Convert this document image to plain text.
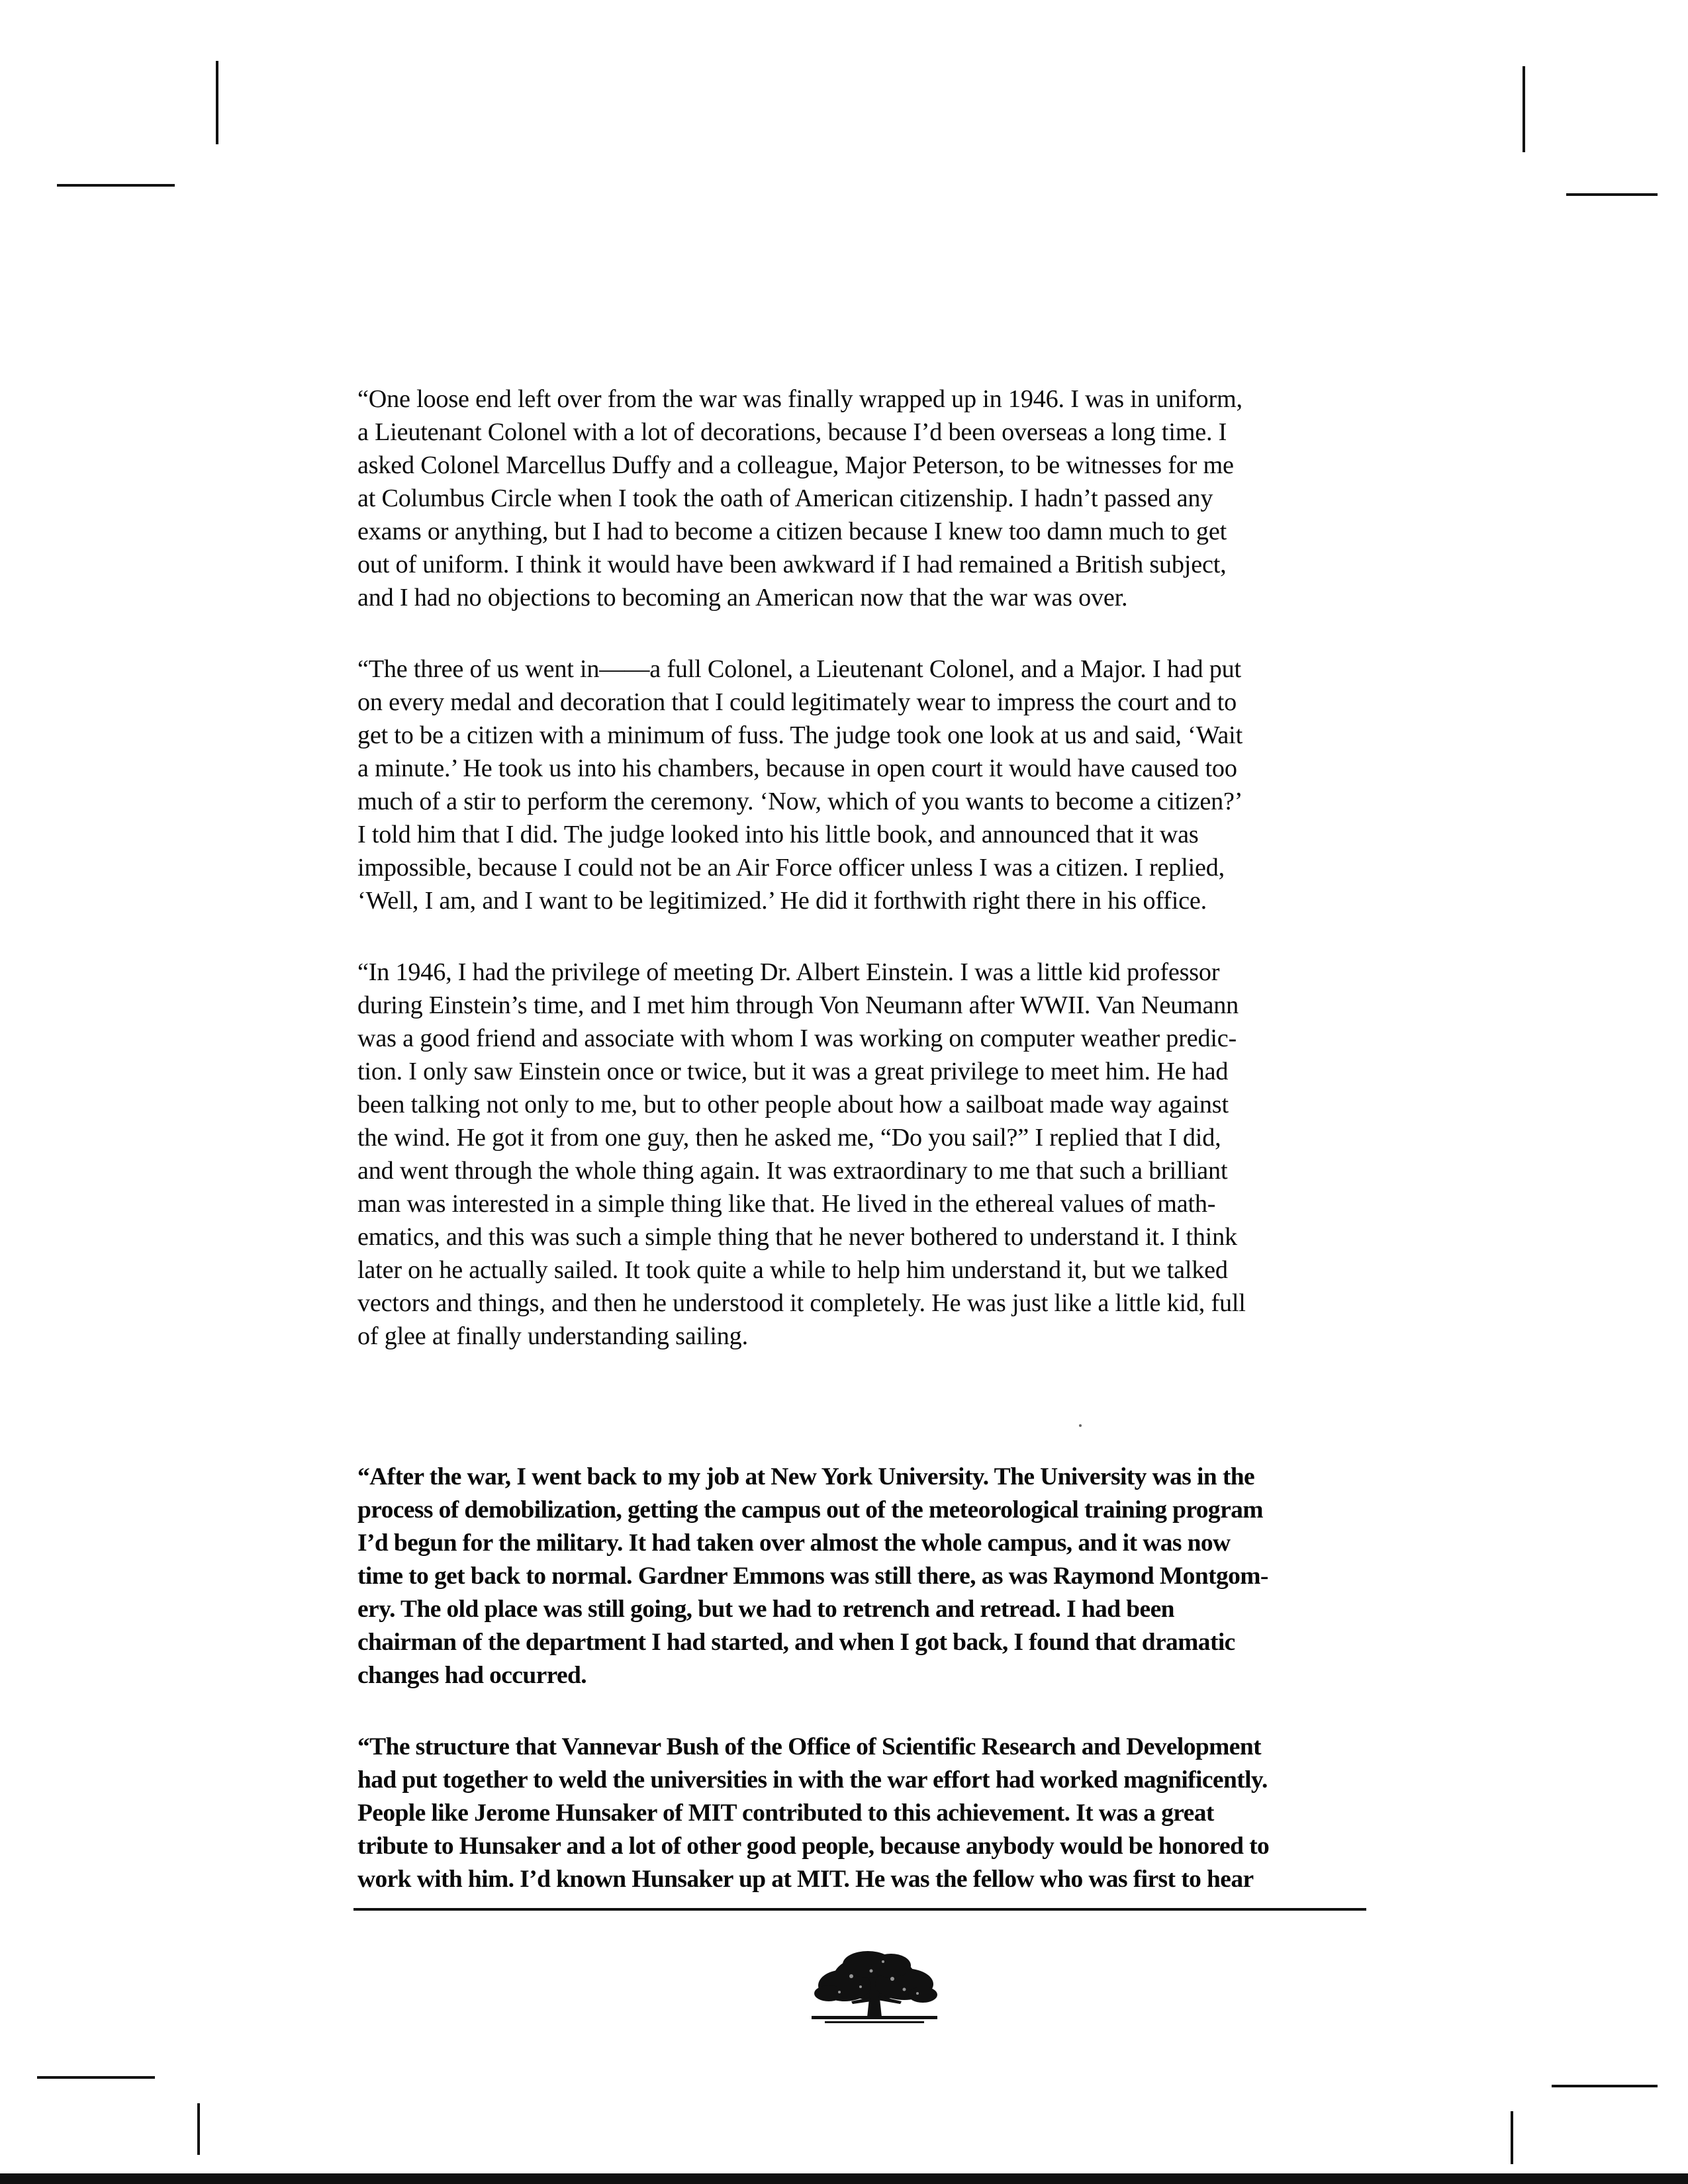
“One loose end left over from the war was finally wrapped up in 1946. I was in uniform,
a Lieutenant Colonel with a lot of decorations, because I’d been overseas a long time. I
asked Colonel Marcellus Duffy and a colleague, Major Peterson, to be witnesses for me
at Columbus Circle when I took the oath of American citizenship. I hadn’t passed any
exams or anything, but I had to become a citizen because I knew too damn much to get
out of uniform. I think it would have been awkward if I had remained a British subject,
and I had no objections to becoming an American now that the war was over.

“The three of us went in——a full Colonel, a Lieutenant Colonel, and a Major. I had put
on every medal and decoration that I could legitimately wear to impress the court and to
get to be a citizen with a minimum of fuss. The judge took one look at us and said, ‘Wait
a minute.’ He took us into his chambers, because in open court it would have caused too
much of a stir to perform the ceremony. ‘Now, which of you wants to become a citizen?’
I told him that I did. The judge looked into his little book, and announced that it was
impossible, because I could not be an Air Force officer unless I was a citizen. I replied,
‘Well, I am, and I want to be legitimized.’ He did it forthwith right there in his office.

“In 1946, I had the privilege of meeting Dr. Albert Einstein. I was a little kid professor
during Einstein’s time, and I met him through Von Neumann after WWII. Van Neumann
was a good friend and associate with whom I was working on computer weather predic-
tion. I only saw Einstein once or twice, but it was a great privilege to meet him. He had
been talking not only to me, but to other people about how a sailboat made way against
the wind. He got it from one guy, then he asked me, “Do you sail?” I replied that I did,
and went through the whole thing again. It was extraordinary to me that such a brilliant
man was interested in a simple thing like that. He lived in the ethereal values of math-
ematics, and this was such a simple thing that he never bothered to understand it. I think
later on he actually sailed. It took quite a while to help him understand it, but we talked
vectors and things, and then he understood it completely. He was just like a little kid, full
of glee at finally understanding sailing.

“After the war, I went back to my job at New York University. The University was in the
process of demobilization, getting the campus out of the meteorological training program
I’d begun for the military. It had taken over almost the whole campus, and it was now
time to get back to normal. Gardner Emmons was still there, as was Raymond Montgom-
ery. The old place was still going, but we had to retrench and retread. I had been
chairman of the department I had started, and when I got back, I found that dramatic
changes had occurred.

“The structure that Vannevar Bush of the Office of Scientific Research and Development
had put together to weld the universities in with the war effort had worked magnificently.
People like Jerome Hunsaker of MIT contributed to this achievement. It was a great
tribute to Hunsaker and a lot of other good people, because anybody would be honored to
work with him. I’d known Hunsaker up at MIT. He was the fellow who was first to hear
